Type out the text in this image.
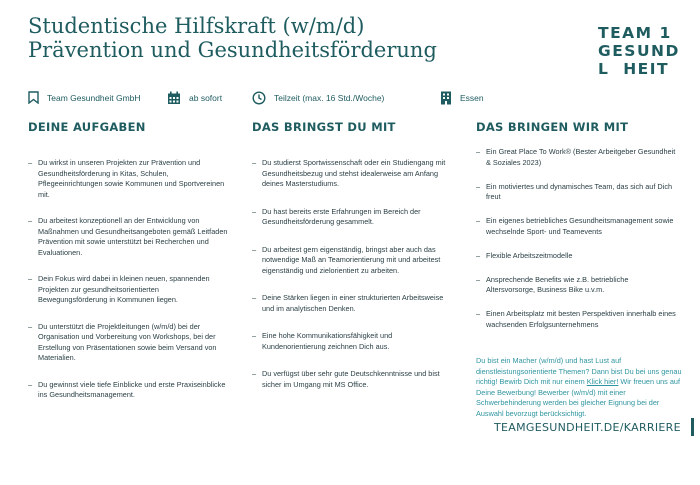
Studentische Hilfskraft (w/m/d)
Prävention und Gesundheitsförderung
TEAM 1
GESUND
L HEIT
Team Gesundheit GmbH	ab sofort	Teilzeit (max. 16 Std./Woche)	Essen
DEINE AUFGABEN
– Du wirkst in unseren Projekten zur Prävention und Gesundheitsförderung in Kitas, Schulen, Pflegeeinrichtungen sowie Kommunen und Sportvereinen mit.
– Du arbeitest konzeptionell an der Entwicklung von Maßnahmen und Gesundheitsangeboten gemäß Leitfaden Prävention mit sowie unterstützt bei Recherchen und Evaluationen.
– Dein Fokus wird dabei in kleinen neuen, spannenden Projekten zur gesundheitsorientierten Bewegungsförderung in Kommunen liegen.
– Du unterstützt die Projektleitungen (w/m/d) bei der Organisation und Vorbereitung von Workshops, bei der Erstellung von Präsentationen sowie beim Versand von Materialien.
– Du gewinnst viele tiefe Einblicke und erste Praxiseinblicke ins Gesundheitsmanagement.
DAS BRINGST DU MIT
– Du studierst Sportwissenschaft oder ein Studiengang mit Gesundheitsbezug und stehst idealerweise am Anfang deines Masterstudiums.
– Du hast bereits erste Erfahrungen im Bereich der Gesundheitsförderung gesammelt.
– Du arbeitest gern eigenständig, bringst aber auch das notwendige Maß an Teamorientierung mit und arbeitest eigenständig und zielorientiert zu arbeiten.
– Deine Stärken liegen in einer strukturierten Arbeitsweise und im analytischen Denken.
– Eine hohe Kommunikationsfähigkeit und Kundenorientierung zeichnen Dich aus.
– Du verfügst über sehr gute Deutschkenntnisse und bist sicher im Umgang mit MS Office.
DAS BRINGEN WIR MIT
– Ein Great Place To Work® (Bester Arbeitgeber Gesundheit & Soziales 2023)
– Ein motiviertes und dynamisches Team, das sich auf Dich freut
– Ein eigenes betriebliches Gesundheitsmanagement sowie wechselnde Sport- und Teamevents
– Flexible Arbeitszeitmodelle
– Ansprechende Benefits wie z.B. betriebliche Altersvorsorge, Business Bike u.v.m.
– Einen Arbeitsplatz mit besten Perspektiven innerhalb eines wachsenden Erfolgsunternehmens
Du bist ein Macher (w/m/d) und hast Lust auf dienstleistungsorientierte Themen? Dann bist Du bei uns genau richtig! Bewirb Dich mit nur einem Klick hier! Wir freuen uns auf Deine Bewerbung! Bewerber (w/m/d) mit einer Schwerbehinderung werden bei gleicher Eignung bei der Auswahl bevorzugt berücksichtigt.
TEAMGESUNDHEIT.DE/KARRIERE
